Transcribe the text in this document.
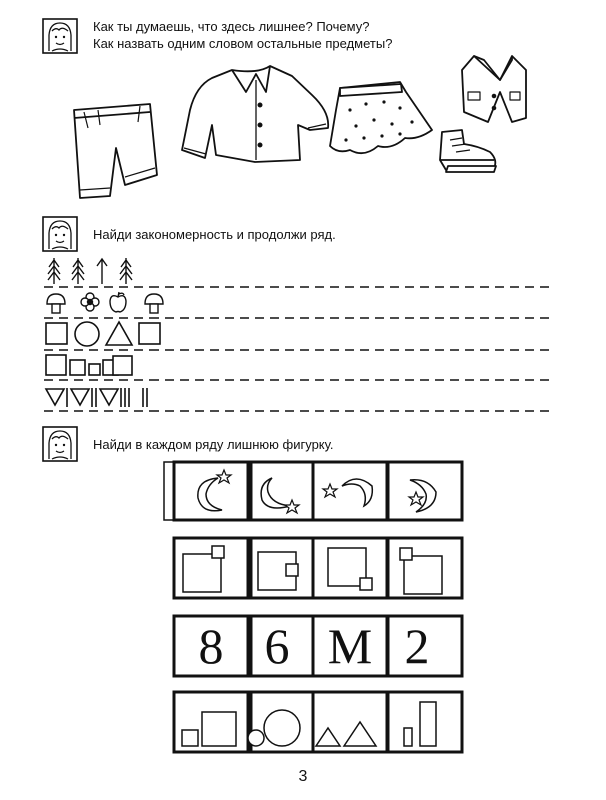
Как ты думаешь, что здесь лишнее? Почему?
Как назвать одним словом остальные предметы?
Найди закономерность и продолжи ряд.
Найди в каждом ряду лишнюю фигурку.
8 6 М 2
3
